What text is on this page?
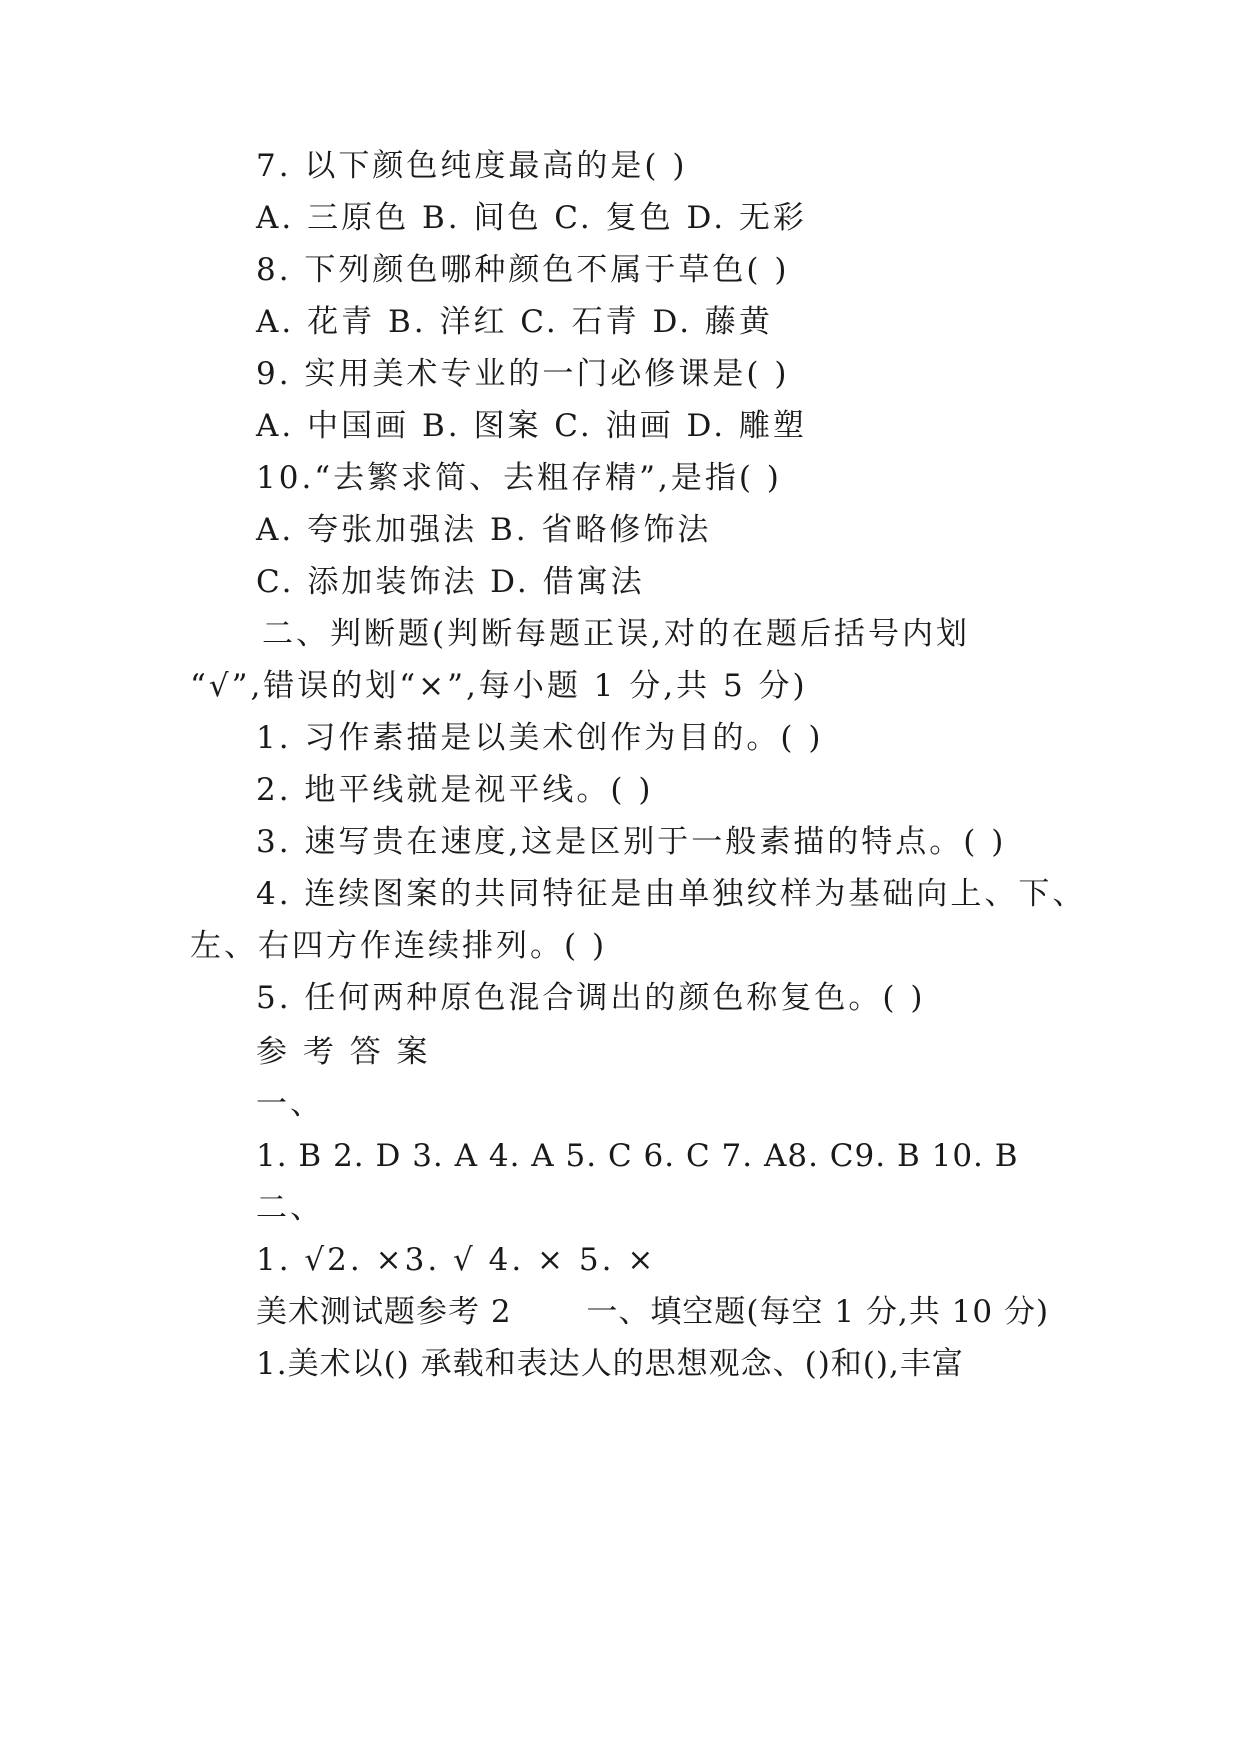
7. 以下颜色纯度最高的是( )
A. 三原色 B. 间色 C. 复色 D. 无彩
8. 下列颜色哪种颜色不属于草色( )
A. 花青 B. 洋红 C. 石青 D. 藤黄
9. 实用美术专业的一门必修课是( )
A. 中国画 B. 图案 C. 油画 D. 雕塑
10.“去繁求简、去粗存精”,是指( )
A. 夸张加强法 B. 省略修饰法
C. 添加装饰法 D. 借寓法
二、判断题(判断每题正误,对的在题后括号内划
“√”,错误的划“×”,每小题 1 分,共 5 分)
1. 习作素描是以美术创作为目的。( )
2. 地平线就是视平线。( )
3. 速写贵在速度,这是区别于一般素描的特点。( )
4. 连续图案的共同特征是由单独纹样为基础向上、下、
左、右四方作连续排列。( )
5. 任何两种原色混合调出的颜色称复色。( )
参 考 答 案
一、
1. B 2. D 3. A 4. A 5. C 6. C 7. A8. C9. B 10. B
二、
1. √2. ×3. √ 4. × 5. ×
美术测试题参考 2　　 一、填空题(每空 1 分,共 10 分)
1.美术以() 承载和表达人的思想观念、()和(),丰富
